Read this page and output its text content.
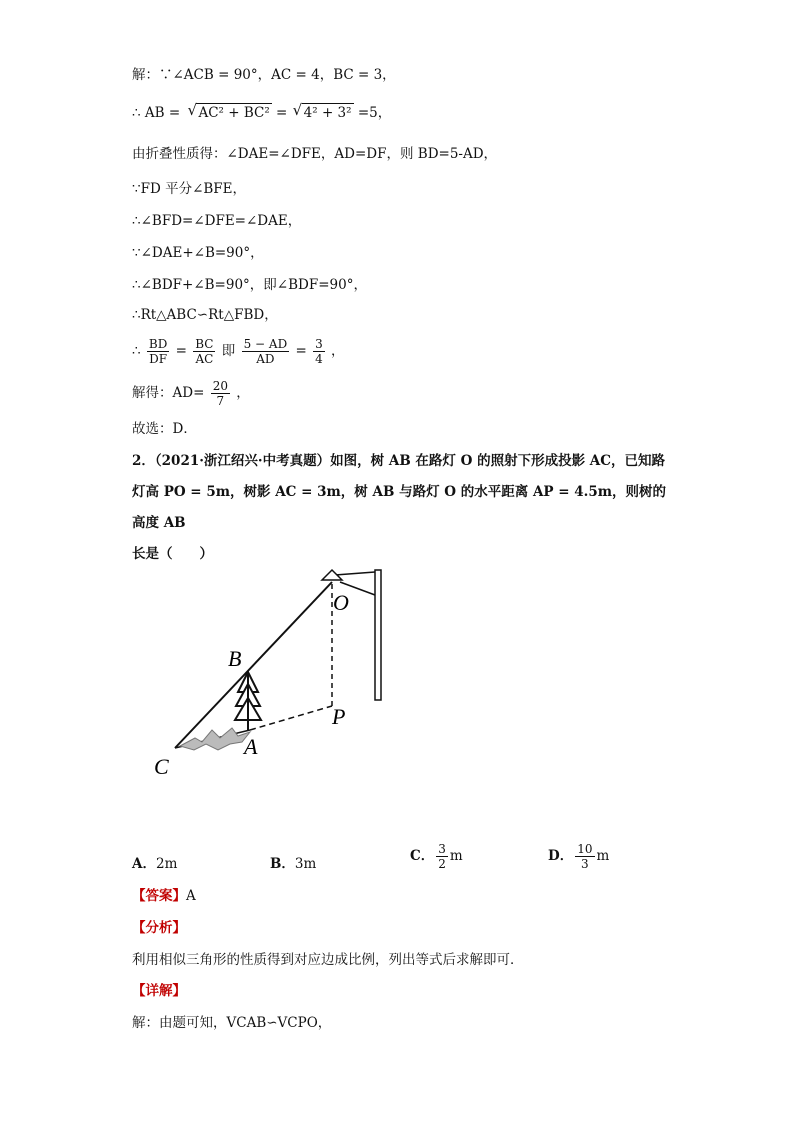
解：∵∠ACB = 90°，AC = 4，BC = 3，
∴ AB = √ AC² + BC² = √ 4² + 3² =5，
由折叠性质得：∠DAE=∠DFE，AD=DF，则 BD=5-AD，
∵FD 平分∠BFE，
∴∠BFD=∠DFE=∠DAE，
∵∠DAE+∠B=90°，
∴∠BDF+∠B=90°，即∠BDF=90°，
∴Rt△ABC∽Rt△FBD，
∴ $\frac{BD}{DF} = \frac{BC}{AC}$ 即 $\frac{5 - AD}{AD} = \frac{3}{4}$ ，
解得：$AD= \frac{20}{7}$ ，
故选：D．
2．（2021·浙江绍兴·中考真题）如图，树 AB 在路灯 O 的照射下形成投影 AC，已知路
灯高 PO = 5m，树影 AC = 3m，树 AB 与路灯 O 的水平距离 AP = 4.5m，则树的高度 AB
长是（　　）
O
B
P
A
C
A．2m	B．3m	C． $\frac{3}{2}$ m	D． $\frac{10}{3}$ m
【答案】A
【分析】
利用相似三角形的性质得到对应边成比例，列出等式后求解即可．
【详解】
解：由题可知，VCAB∽VCPO，
